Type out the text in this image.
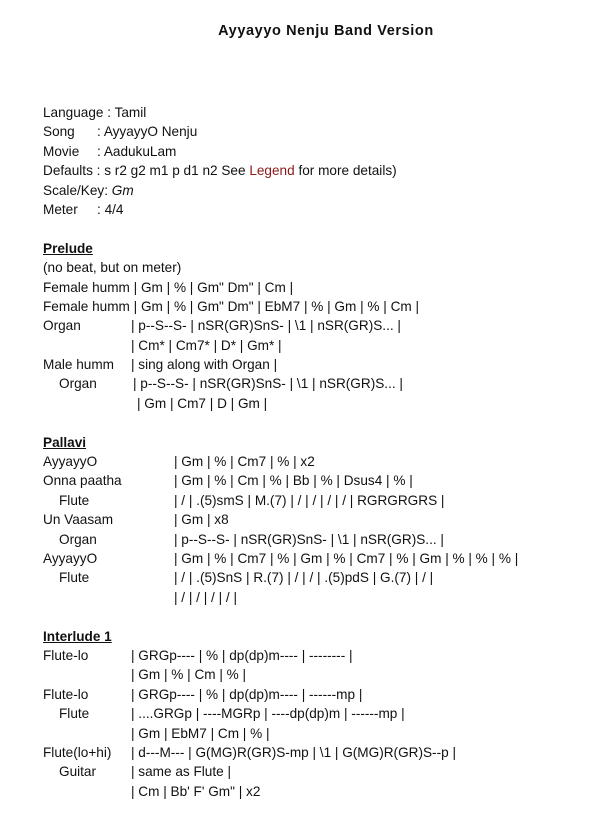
Ayyayyo Nenju Band Version
Language : Tamil
Song : AyyayyO Nenju
Movie : AadukuLam
Defaults : s r2 g2 m1 p d1 n2 See Legend for more details)
Scale/Key: Gm
Meter : 4/4
Prelude
(no beat, but on meter)
Female humm | Gm | % | Gm" Dm" | Cm |
Female humm | Gm | % | Gm" Dm" | EbM7 | % | Gm | % | Cm |
Organ	| p--S--S- | nSR(GR)SnS- | \1 | nSR(GR)S... |
| Cm* | Cm7* | D* | Gm* |
Male humm | sing along with Organ |
Organ	| p--S--S- | nSR(GR)SnS- | \1 | nSR(GR)S... |
| Gm | Cm7 | D | Gm |
Pallavi
AyyayyO	| Gm | % | Cm7 | % | x2
Onna paatha	| Gm | % | Cm | % | Bb | % | Dsus4 | % |
Flute	| / | .(5)smS | M.(7) | / | / | / | / | RGRGRGRS |
Un Vaasam	| Gm | x8
Organ	| p--S--S- | nSR(GR)SnS- | \1 | nSR(GR)S... |
AyyayyO	| Gm | % | Cm7 | % | Gm | % | Cm7 | % | Gm | % | % | % |
Flute	| / | .(5)SnS | R.(7) | / | / | .(5)pdS | G.(7) | / |
| / | / | / | / |
Interlude 1
Flute-lo	| GRGp---- | % | dp(dp)m---- | -------- |
| Gm | % | Cm | % |
Flute-lo	| GRGp---- | % | dp(dp)m---- | ------mp |
Flute	| ....GRGp | ----MGRp | ----dp(dp)m | ------mp |
| Gm | EbM7 | Cm | % |
Flute(lo+hi) | d---M--- | G(MG)R(GR)S-mp | \1 | G(MG)R(GR)S--p |
Guitar	| same as Flute |
| Cm | Bb' F' Gm" | x2
